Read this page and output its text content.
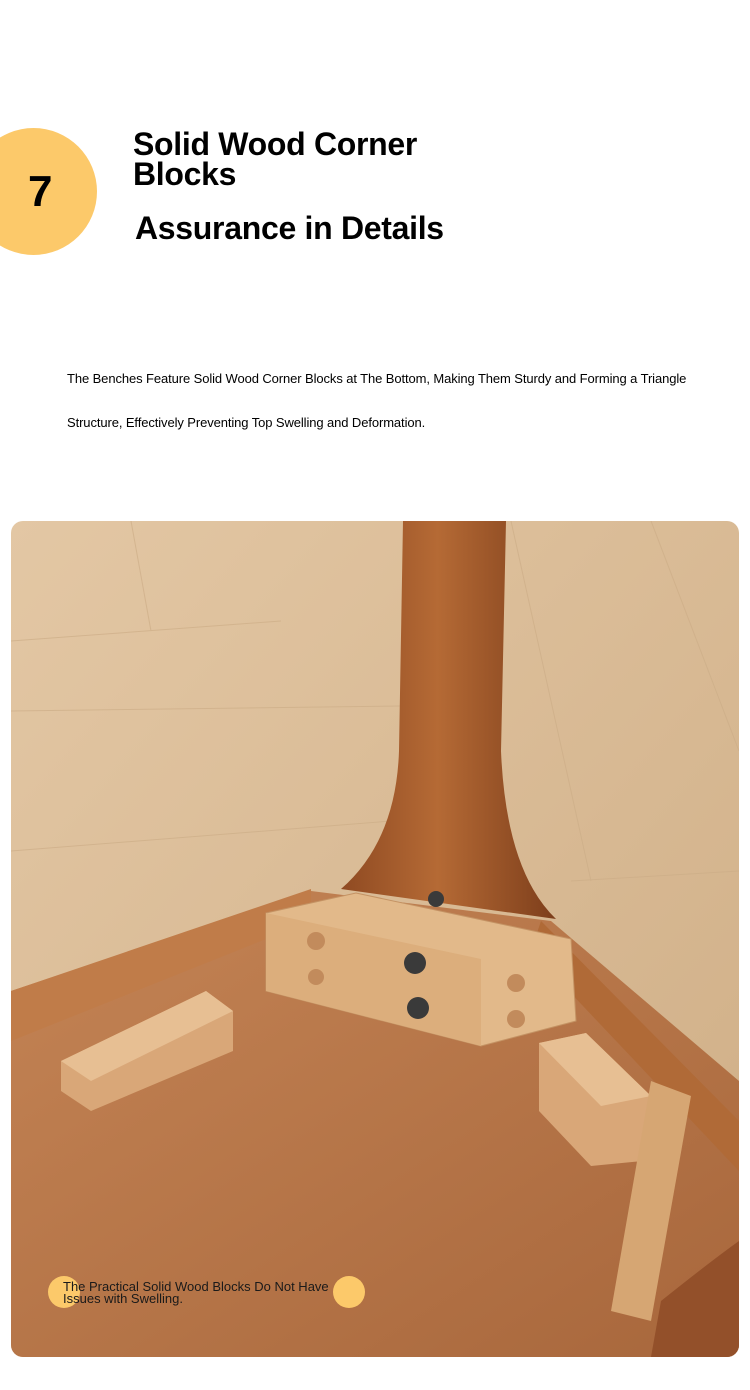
7
Solid Wood Corner Blocks
Assurance in Details
The Benches Feature Solid Wood Corner Blocks at The Bottom, Making Them Sturdy and Forming a Triangle Structure, Effectively Preventing Top Swelling and Deformation.
The Practical Solid Wood Blocks Do Not Have Issues with Swelling.
